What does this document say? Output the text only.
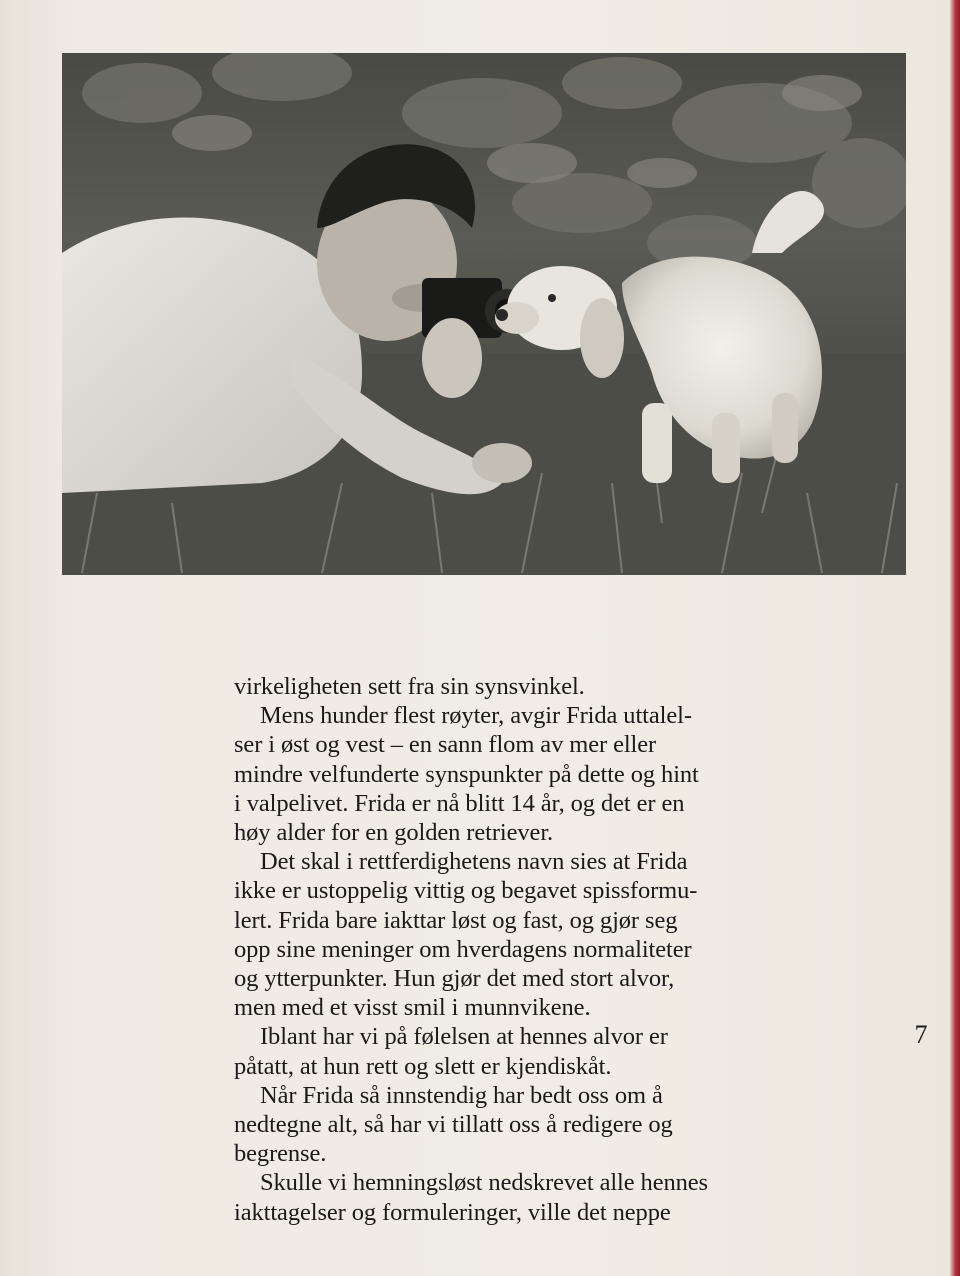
virkeligheten sett fra sin synsvinkel.
Mens hunder flest røyter, avgir Frida uttalel-
ser i øst og vest – en sann flom av mer eller
mindre velfunderte synspunkter på dette og hint
i valpelivet. Frida er nå blitt 14 år, og det er en
høy alder for en golden retriever.
Det skal i rettferdighetens navn sies at Frida
ikke er ustoppelig vittig og begavet spissformu-
lert. Frida bare iakttar løst og fast, og gjør seg
opp sine meninger om hverdagens normaliteter
og ytterpunkter. Hun gjør det med stort alvor,
men med et visst smil i munnvikene.
Iblant har vi på følelsen at hennes alvor er
påtatt, at hun rett og slett er kjendiskåt.
Når Frida så innstendig har bedt oss om å
nedtegne alt, så har vi tillatt oss å redigere og
begrense.
Skulle vi hemningsløst nedskrevet alle hennes
iakttagelser og formuleringer, ville det neppe
7
